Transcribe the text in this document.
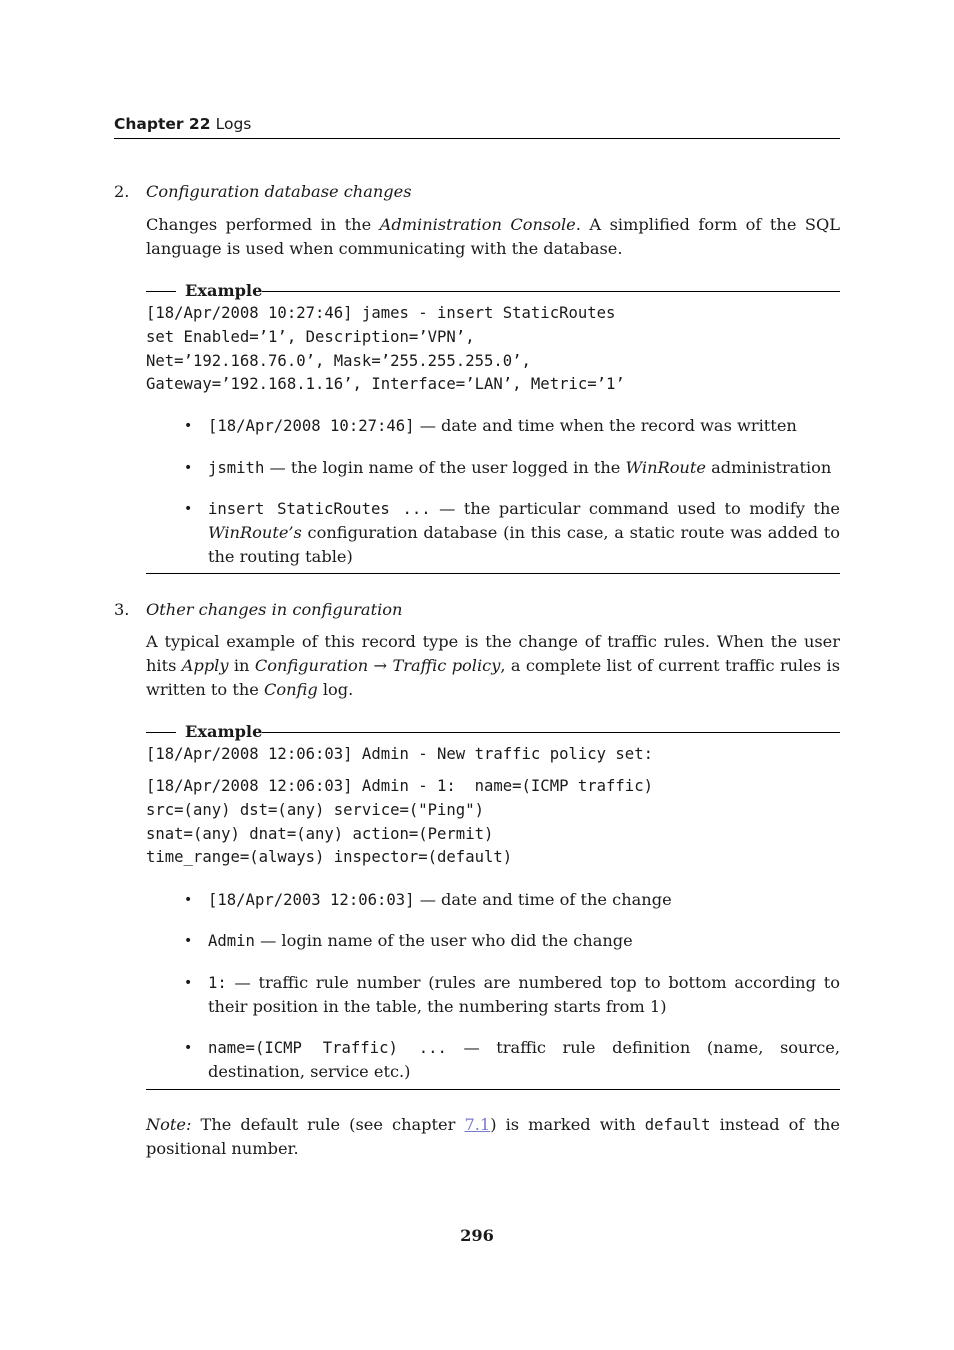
Chapter 22 Logs
2. Configuration database changes
Changes performed in the Administration Console. A simplified form of the SQL language is used when communicating with the database.
Example
[18/Apr/2008 10:27:46] james - insert StaticRoutes
set Enabled=’1’, Description=’VPN’,
Net=’192.168.76.0’, Mask=’255.255.255.0’,
Gateway=’192.168.1.16’, Interface=’LAN’, Metric=’1’
• [18/Apr/2008 10:27:46] — date and time when the record was written
• jsmith — the login name of the user logged in the WinRoute administration
• insert StaticRoutes ... — the particular command used to modify the WinRoute’s configuration database (in this case, a static route was added to the routing table)
3. Other changes in configuration
A typical example of this record type is the change of traffic rules. When the user hits Apply in Configuration → Traffic policy, a complete list of current traffic rules is written to the Config log.
Example
[18/Apr/2008 12:06:03] Admin - New traffic policy set:
[18/Apr/2008 12:06:03] Admin - 1:  name=(ICMP traffic)
src=(any) dst=(any) service=("Ping")
snat=(any) dnat=(any) action=(Permit)
time_range=(always) inspector=(default)
• [18/Apr/2003 12:06:03] — date and time of the change
• Admin — login name of the user who did the change
• 1: — traffic rule number (rules are numbered top to bottom according to their position in the table, the numbering starts from 1)
• name=(ICMP Traffic) ... — traffic rule definition (name, source, destination, service etc.)
Note: The default rule (see chapter 7.1) is marked with default instead of the positional number.
296
